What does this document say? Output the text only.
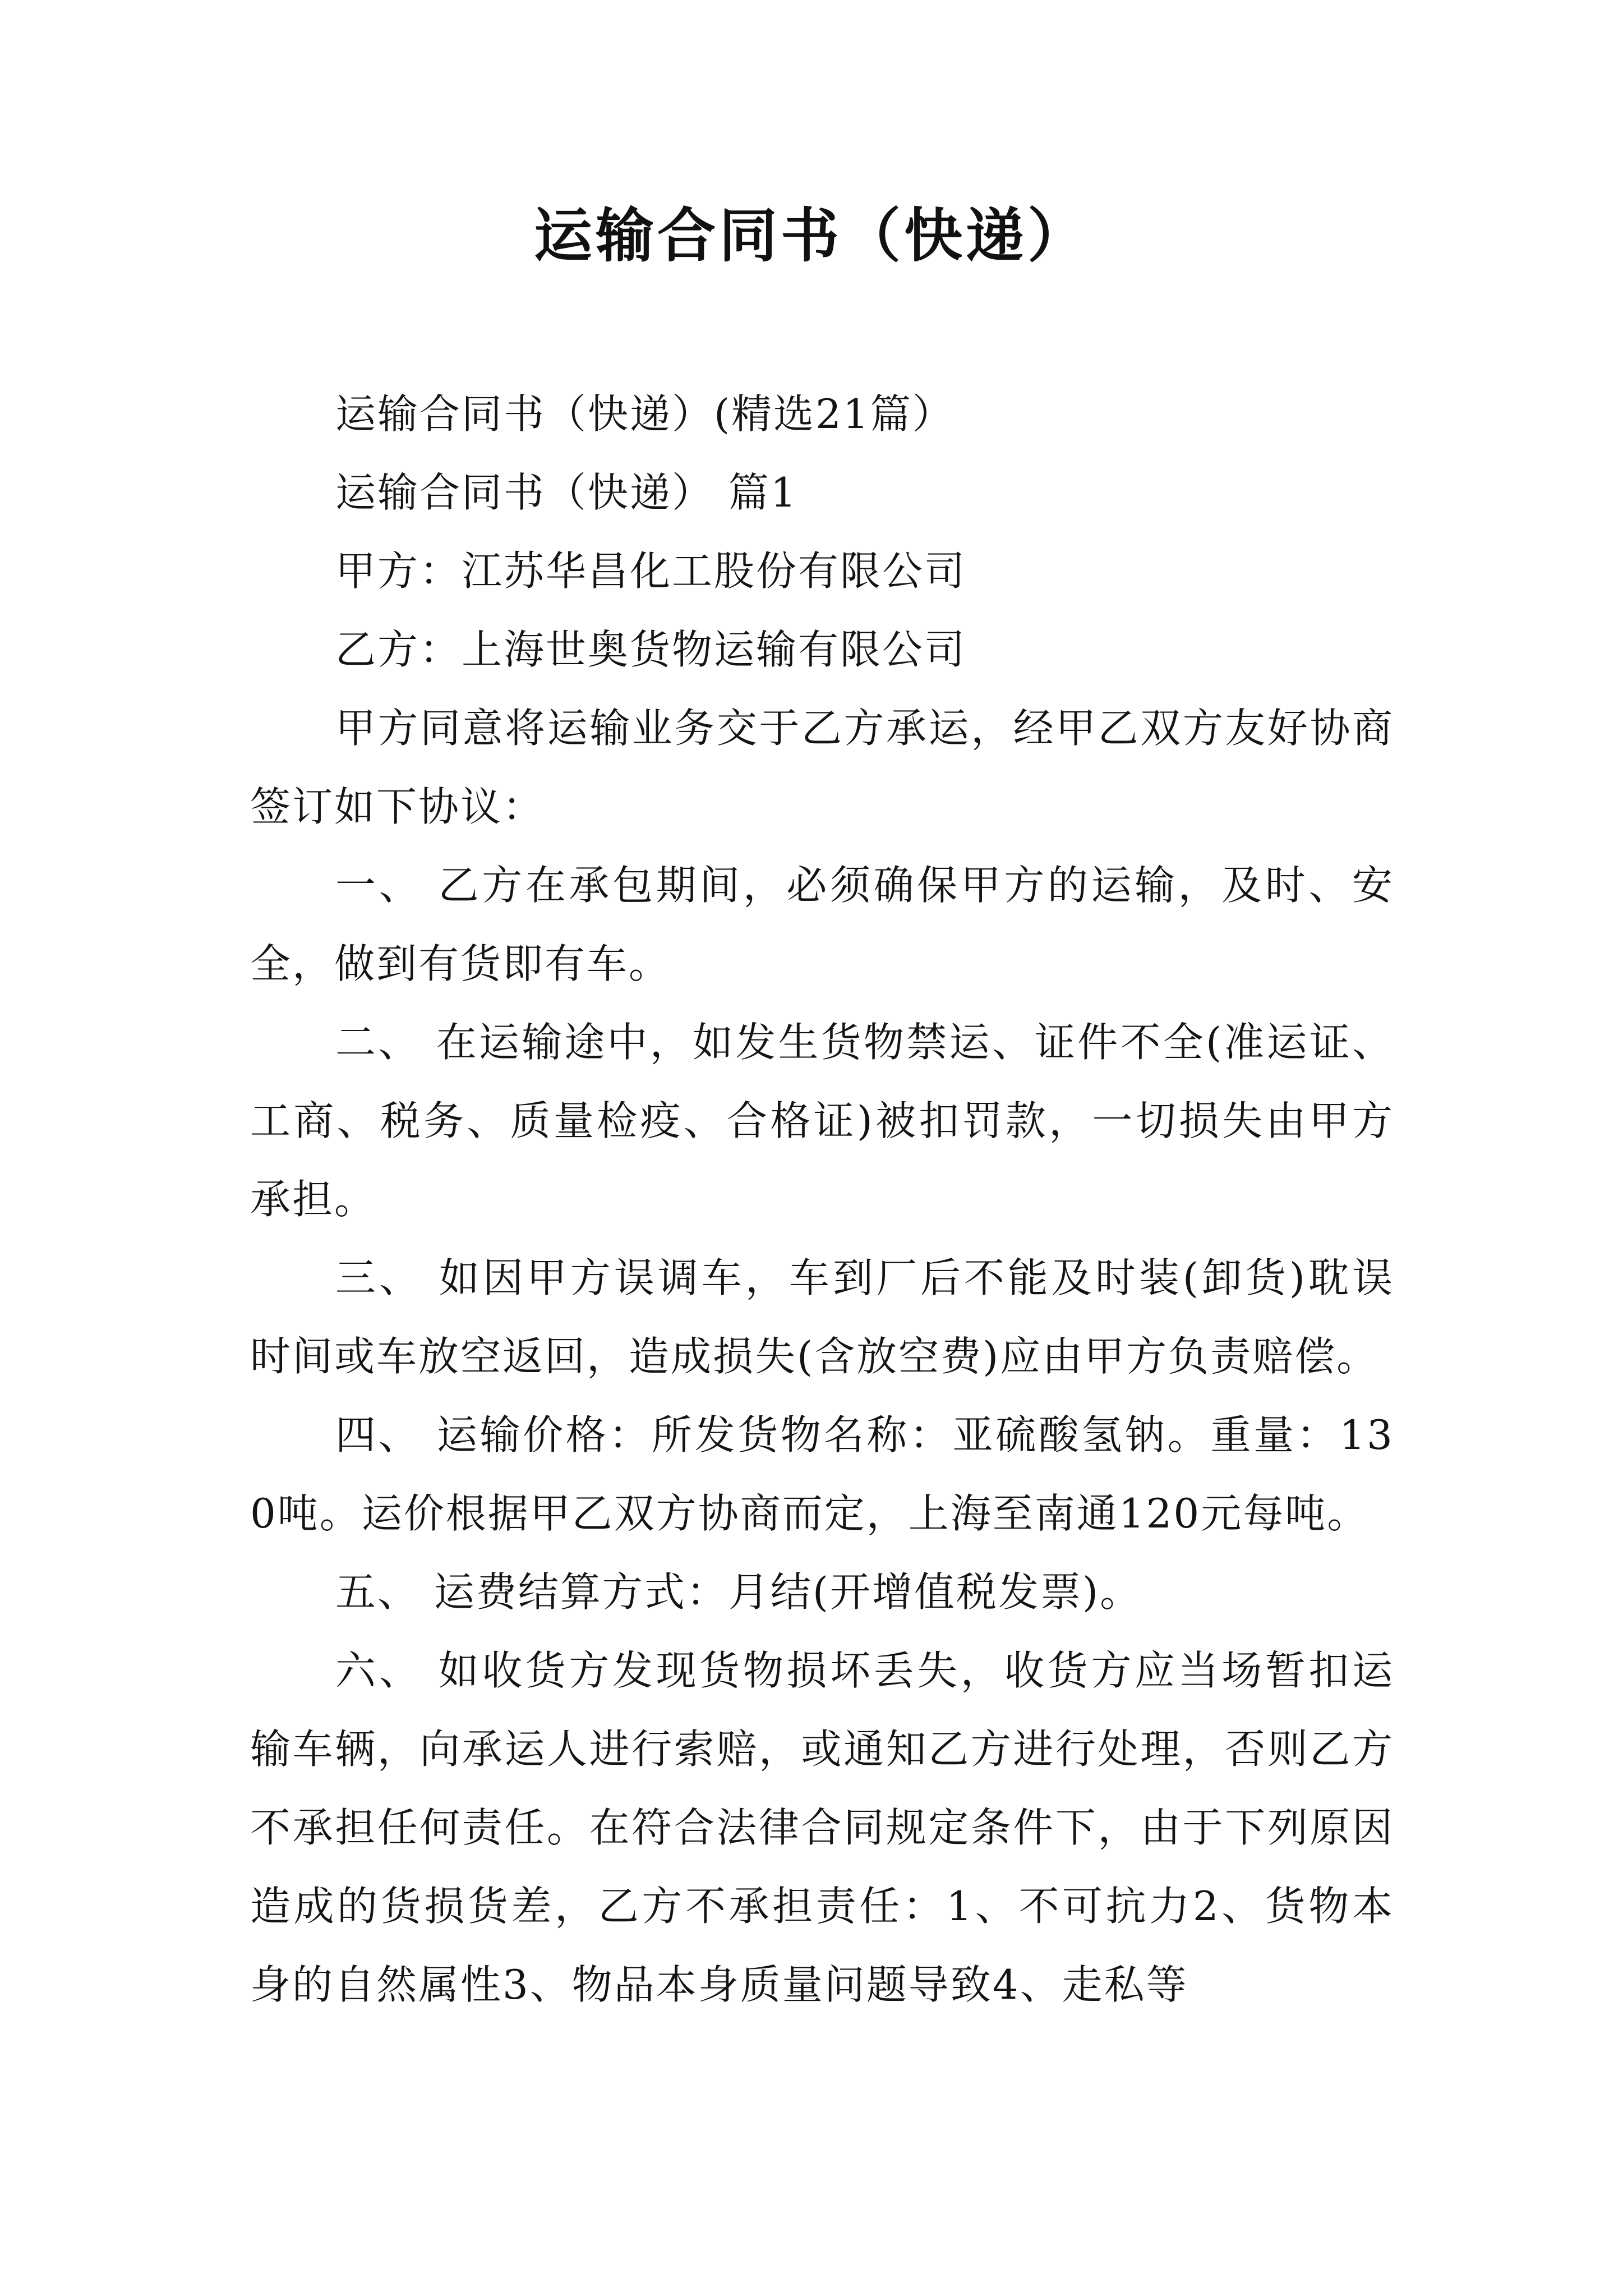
运输合同书（快递）

运输合同书（快递）(精选21篇）

运输合同书（快递） 篇1

甲方：江苏华昌化工股份有限公司

乙方：上海世奥货物运输有限公司

甲方同意将运输业务交于乙方承运，经甲乙双方友好协商签订如下协议：

一、 乙方在承包期间，必须确保甲方的运输，及时、安全，做到有货即有车。

二、 在运输途中，如发生货物禁运、证件不全(准运证、工商、税务、质量检疫、合格证)被扣罚款，一切损失由甲方承担。

三、 如因甲方误调车，车到厂后不能及时装(卸货)耽误时间或车放空返回，造成损失(含放空费)应由甲方负责赔偿。

四、 运输价格：所发货物名称：亚硫酸氢钠。重量：130吨。运价根据甲乙双方协商而定，上海至南通120元每吨。

五、 运费结算方式：月结(开增值税发票)。

六、 如收货方发现货物损坏丢失，收货方应当场暂扣运输车辆，向承运人进行索赔，或通知乙方进行处理，否则乙方不承担任何责任。在符合法律合同规定条件下，由于下列原因造成的货损货差，乙方不承担责任：1、不可抗力2、货物本身的自然属性3、物品本身质量问题导致4、走私等
